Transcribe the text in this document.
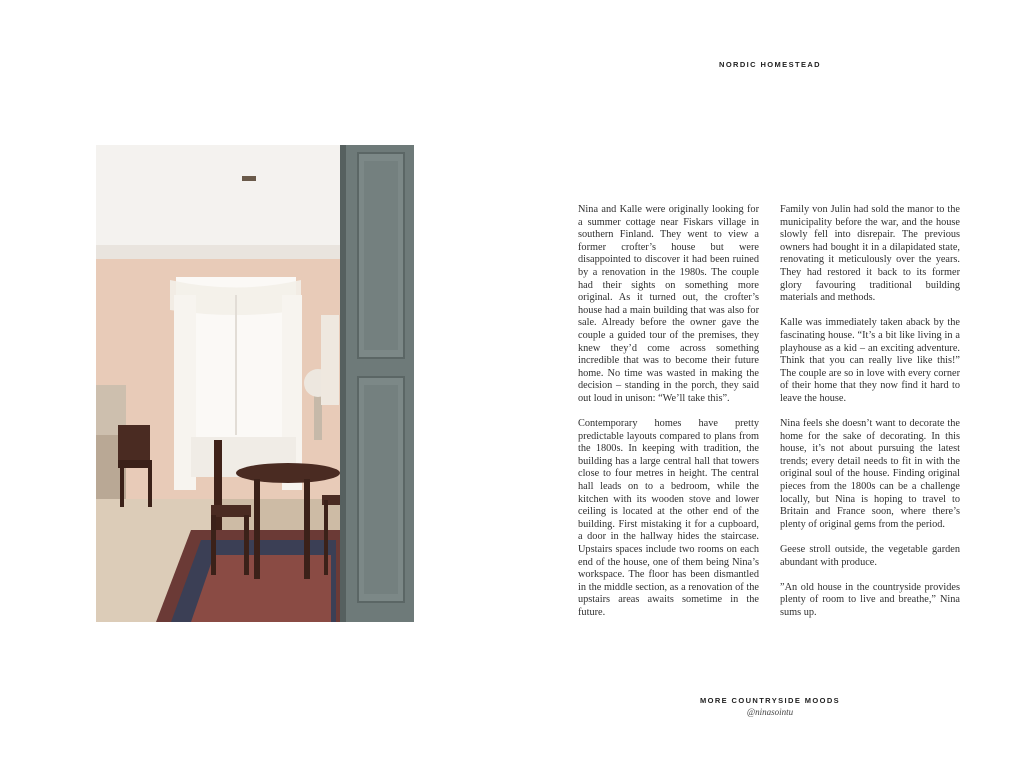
NORDIC HOMESTEAD

Nina and Kalle were originally looking for a summer cottage near Fiskars village in southern Finland. They went to view a former crofter’s house but were disappointed to discover it had been ruined by a renovation in the 1980s. The couple had their sights on something more original. As it turned out, the crofter’s house had a main building that was also for sale. Already before the owner gave the couple a guided tour of the premises, they knew they’d come across something incredible that was to become their future home. No time was wasted in making the decision – standing in the porch, they said out loud in unison: “We’ll take this”.

Contemporary homes have pretty predictable layouts compared to plans from the 1800s. In keeping with tradition, the building has a large central hall that towers close to four metres in height. The central hall leads on to a bedroom, while the kitchen with its wooden stove and lower ceiling is located at the other end of the building. First mistaking it for a cupboard, a door in the hallway hides the staircase. Upstairs spaces include two rooms on each end of the house, one of them being Nina’s workspace. The floor has been dismantled in the middle section, as a renovation of the upstairs areas awaits sometime in the future.

Family von Julin had sold the manor to the municipality before the war, and the house slowly fell into disrepair. The previous owners had bought it in a dilapidated state, renovating it meticulously over the years. They had restored it back to its former glory favouring traditional building materials and methods.

Kalle was immediately taken aback by the fascinating house. “It’s a bit like living in a playhouse as a kid – an exciting adventure. Think that you can really live like this!” The couple are so in love with every corner of their home that they now find it hard to leave the house.

Nina feels she doesn’t want to decorate the home for the sake of decorating. In this house, it’s not about pursuing the latest trends; every detail needs to fit in with the original soul of the house. Finding original pieces from the 1800s can be a challenge locally, but Nina is hoping to travel to Britain and France soon, where there’s plenty of original gems from the period.

Geese stroll outside, the vegetable garden abundant with produce.

”An old house in the countryside provides plenty of room to live and breathe,” Nina sums up.

MORE COUNTRYSIDE MOODS
@ninasointu
